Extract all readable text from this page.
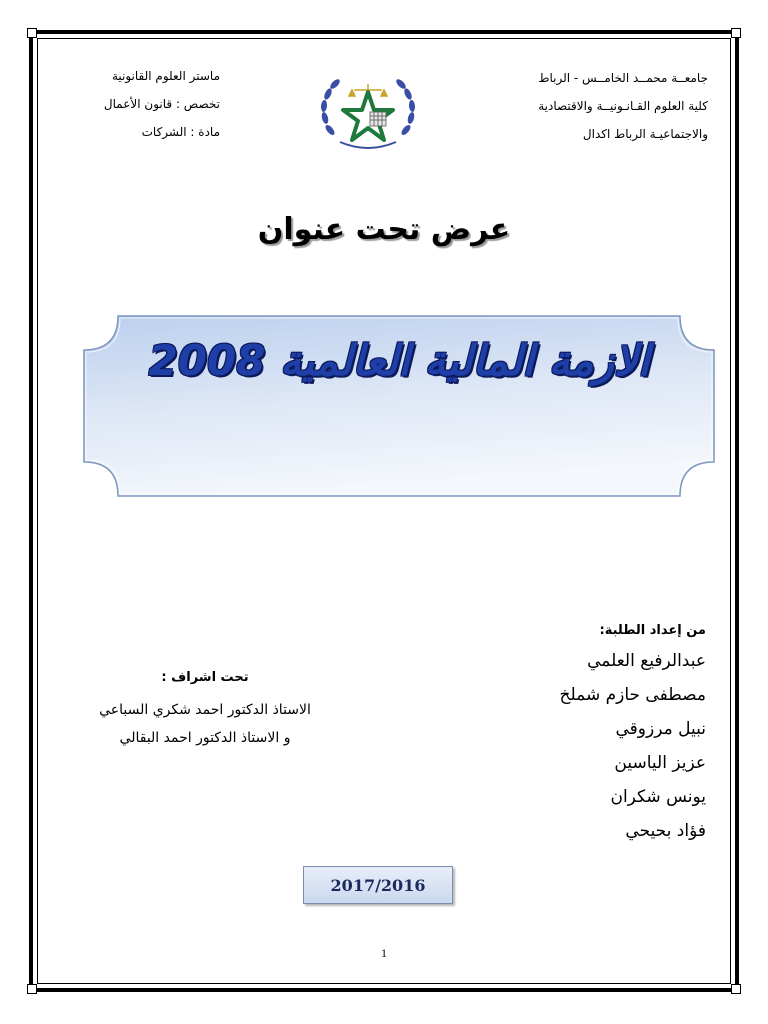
جامعــة محمــد الخامــس - الرباط
كلية العلوم القـانـونيــة والاقتصادية
والاجتماعيـة الرباط اكدال
ماستر العلوم القانونية
تخصص : قانون الأعمال
مادة : الشركات
عرض تحت عنوان
الازمة المالية العالمية 2008
من إعداد الطلبة:
عبدالرفيع العلمي
مصطفى حازم شملخ
نبيل مرزوقي
عزيز الياسين
يونس شكران
فؤاد بحيحي
تحت اشراف :
الاستاذ الدكتور احمد شكري السباعي
و الاستاذ الدكتور احمد البقالي
2017/2016
1
